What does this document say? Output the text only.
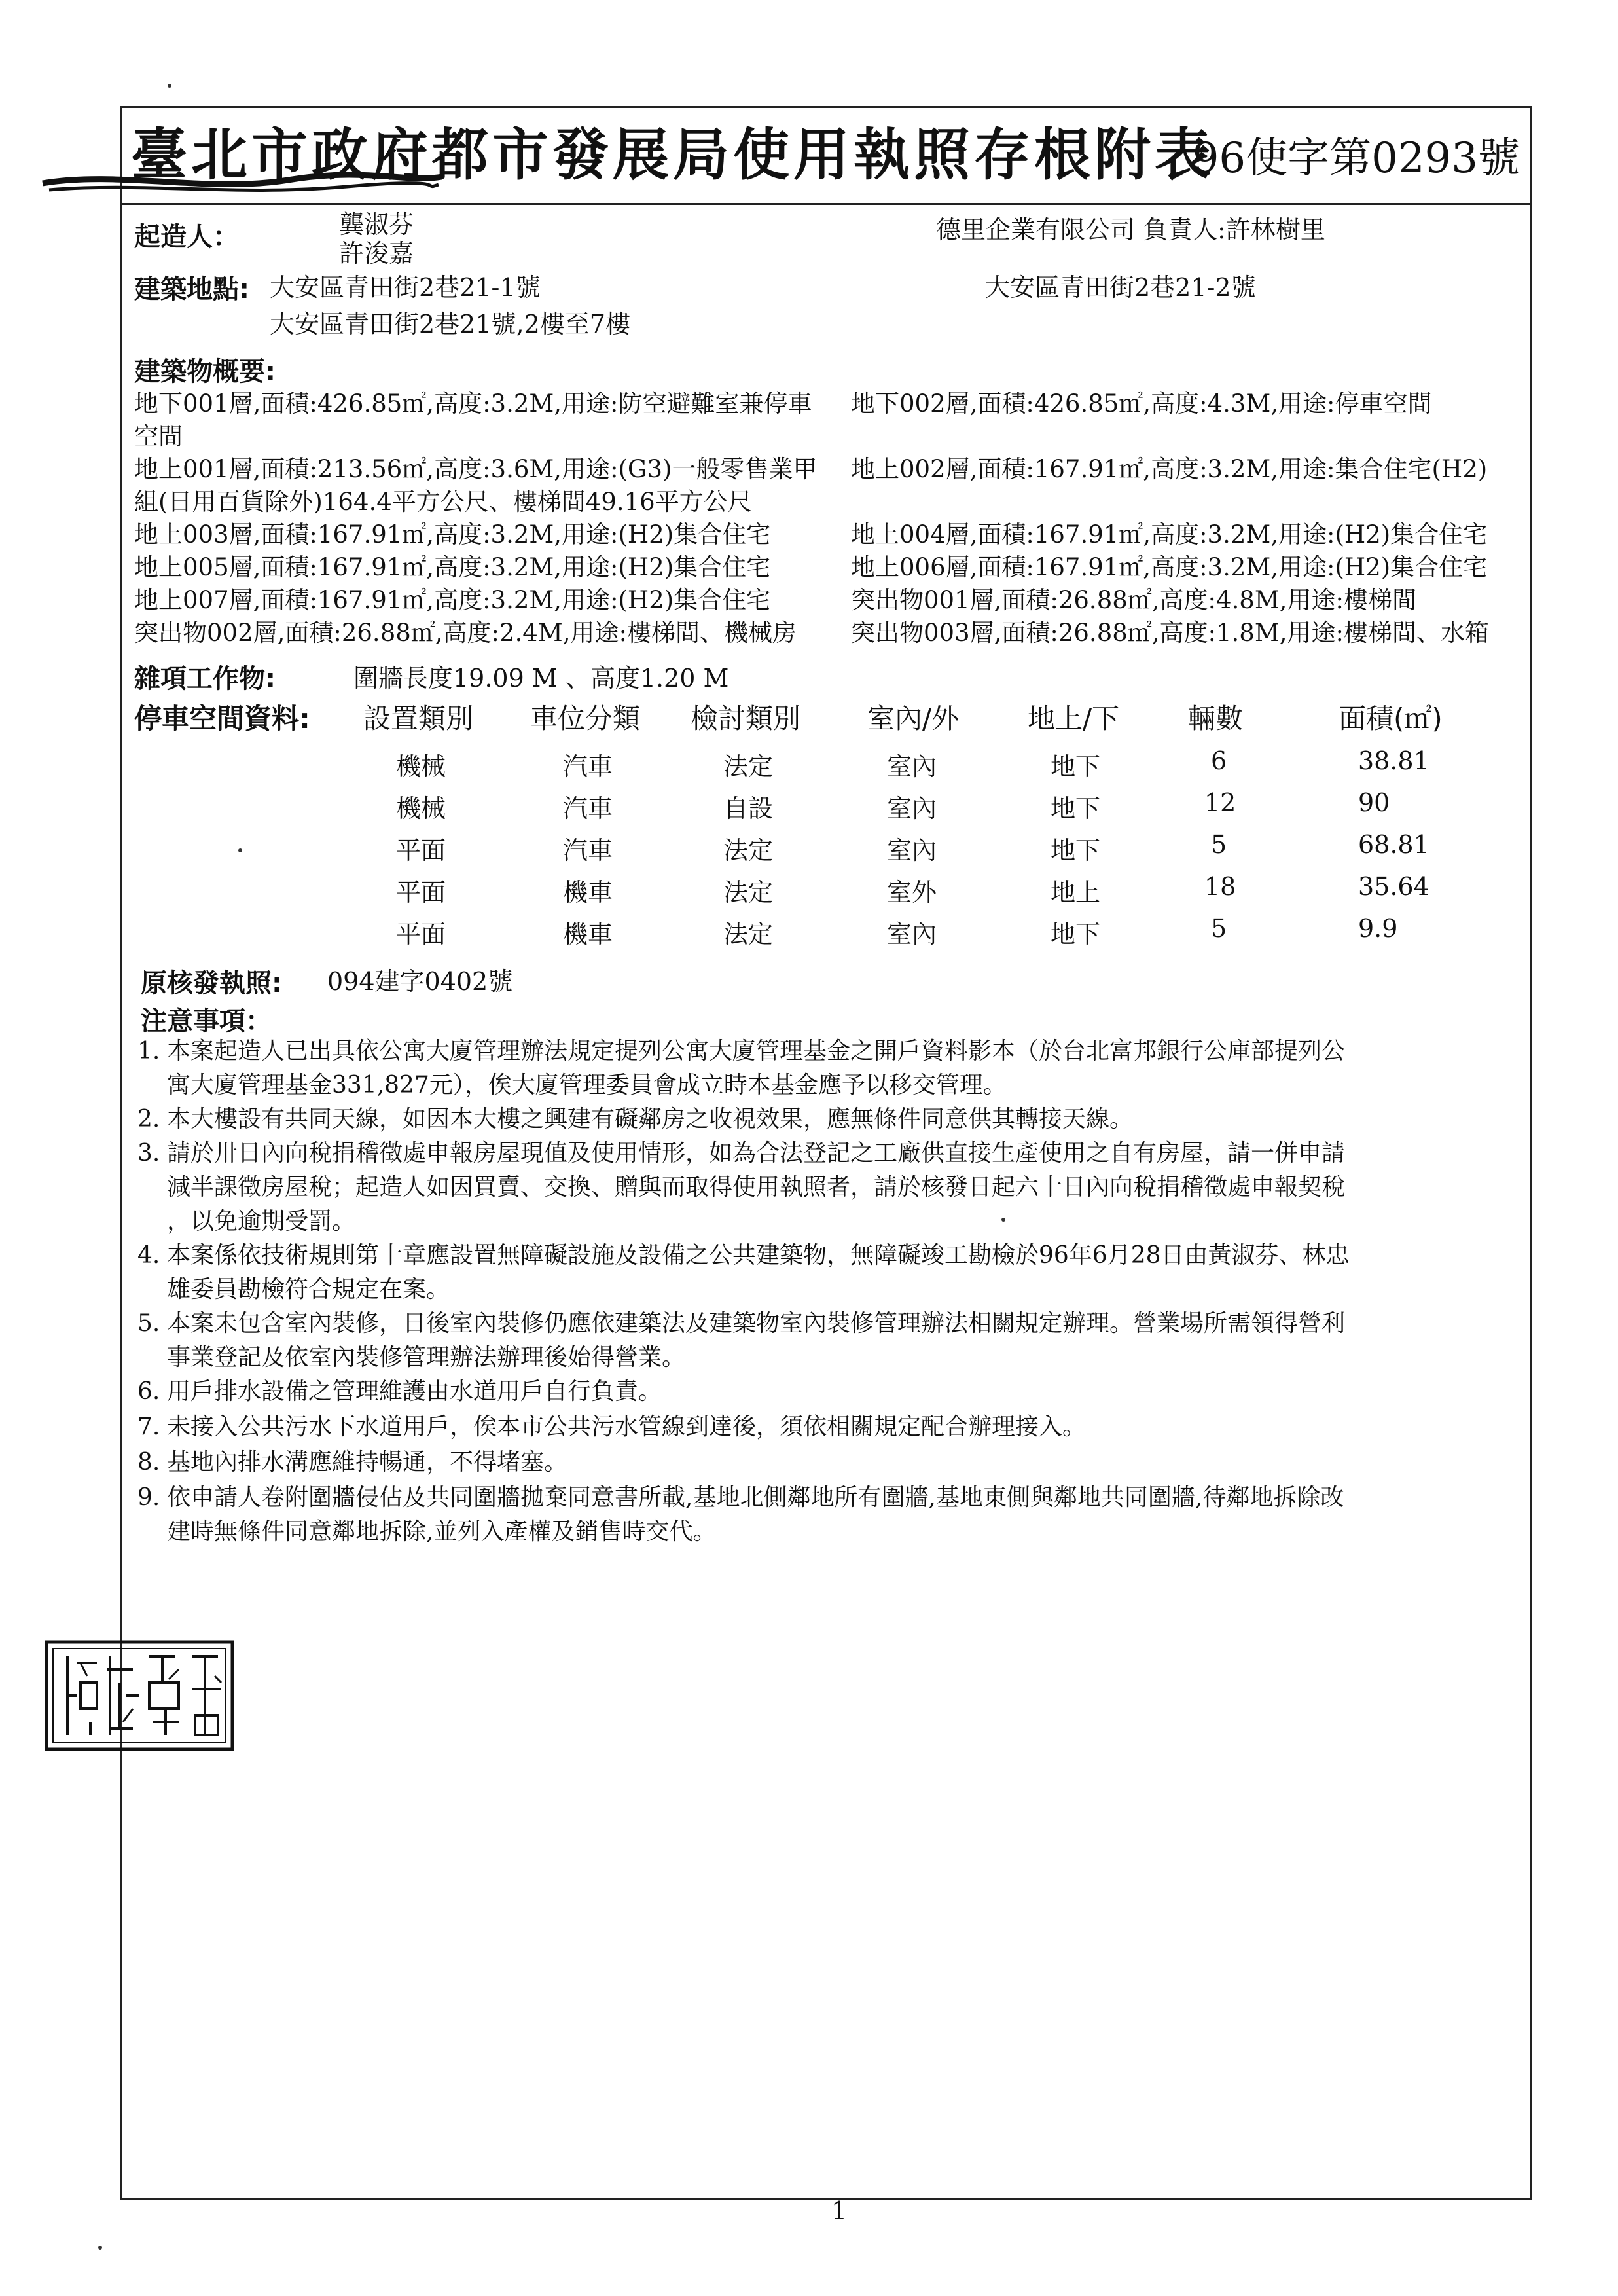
臺北市政府都市發展局使用執照存根附表
96使字第0293號
起造人：	龔淑芬
許浚嘉
德里企業有限公司 負責人:許林樹里
建築地點: 大安區青田街2巷21-1號	大安區青田街2巷21-2號
大安區青田街2巷21號,2樓至7樓
建築物概要:
地下001層,面積:426.85㎡,高度:3.2M,用途:防空避難室兼停車 地下002層,面積:426.85㎡,高度:4.3M,用途:停車空間
空間
地上001層,面積:213.56㎡,高度:3.6M,用途:(G3)一般零售業甲 地上002層,面積:167.91㎡,高度:3.2M,用途:集合住宅(H2)
組(日用百貨除外)164.4平方公尺、樓梯間49.16平方公尺
地上003層,面積:167.91㎡,高度:3.2M,用途:(H2)集合住宅	地上004層,面積:167.91㎡,高度:3.2M,用途:(H2)集合住宅
地上005層,面積:167.91㎡,高度:3.2M,用途:(H2)集合住宅	地上006層,面積:167.91㎡,高度:3.2M,用途:(H2)集合住宅
地上007層,面積:167.91㎡,高度:3.2M,用途:(H2)集合住宅	突出物001層,面積:26.88㎡,高度:4.8M,用途:樓梯間
突出物002層,面積:26.88㎡,高度:2.4M,用途:樓梯間、機械房 突出物003層,面積:26.88㎡,高度:1.8M,用途:樓梯間、水箱
雜項工作物:	圍牆長度19.09 M 、高度1.20 M
停車空間資料: 設置類別 車位分類 檢討類別 室內/外 地上/下 輛數	面積(㎡)
機械	汽車	法定	室內	地下	6	38.81
機械	汽車	自設	室內	地下	12	90
平面	汽車	法定	室內	地下	5	68.81
平面	機車	法定	室外	地上	18	35.64
平面	機車	法定	室內	地下	5	9.9
原核發執照: 094建字0402號
注意事項：
1. 本案起造人已出具依公寓大廈管理辦法規定提列公寓大廈管理基金之開戶資料影本（於台北富邦銀行公庫部提列公
寓大廈管理基金331,827元），俟大廈管理委員會成立時本基金應予以移交管理。
2. 本大樓設有共同天線，如因本大樓之興建有礙鄰房之收視效果，應無條件同意供其轉接天線。
3. 請於卅日內向稅捐稽徵處申報房屋現值及使用情形，如為合法登記之工廠供直接生產使用之自有房屋，請一併申請
減半課徵房屋稅；起造人如因買賣、交換、贈與而取得使用執照者，請於核發日起六十日內向稅捐稽徵處申報契稅
，以免逾期受罰。
4. 本案係依技術規則第十章應設置無障礙設施及設備之公共建築物，無障礙竣工勘檢於96年6月28日由黃淑芬、林忠
雄委員勘檢符合規定在案。
5. 本案未包含室內裝修，日後室內裝修仍應依建築法及建築物室內裝修管理辦法相關規定辦理。營業場所需領得營利
事業登記及依室內裝修管理辦法辦理後始得營業。
6. 用戶排水設備之管理維護由水道用戶自行負責。
7. 未接入公共污水下水道用戶，俟本市公共污水管線到達後，須依相關規定配合辦理接入。
8. 基地內排水溝應維持暢通，不得堵塞。
9. 依申請人卷附圍牆侵佔及共同圍牆拋棄同意書所載,基地北側鄰地所有圍牆,基地東側與鄰地共同圍牆,待鄰地拆除改
建時無條件同意鄰地拆除,並列入產權及銷售時交代。
1
